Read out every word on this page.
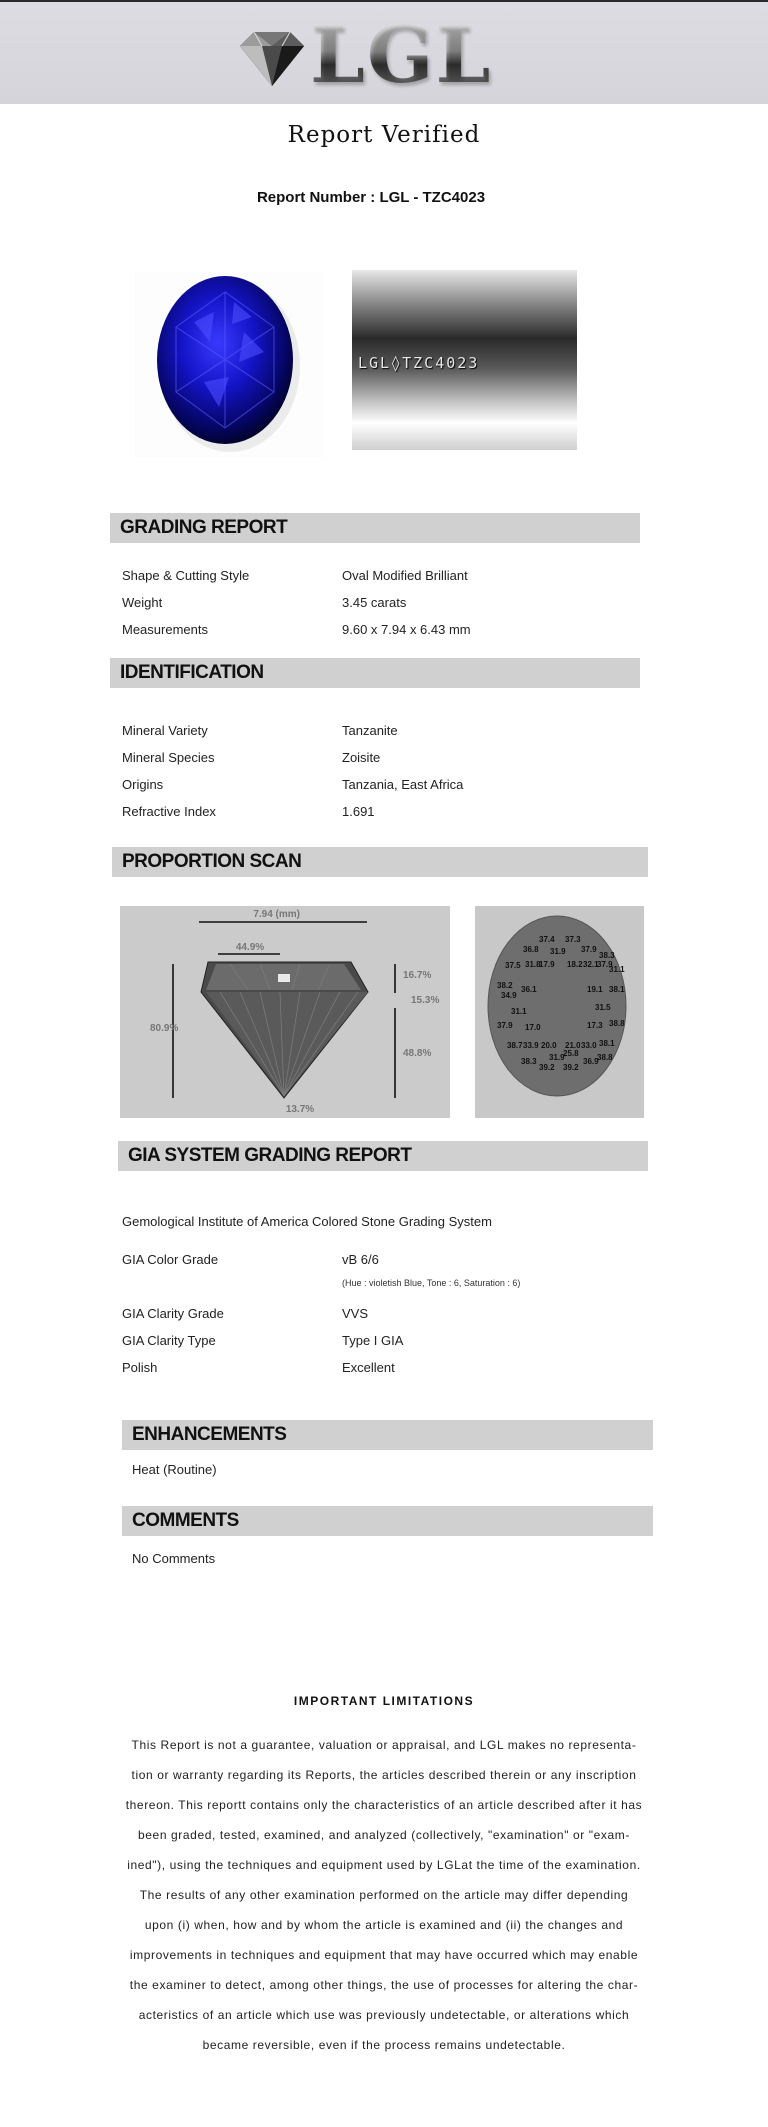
LGL
Report Verified
Report Number : LGL - TZC4023
LGL◊TZC4023
GRADING REPORT
Shape & Cutting Style	Oval Modified Brilliant
Weight	3.45 carats
Measurements	9.60 x 7.94 x 6.43 mm
IDENTIFICATION
Mineral Variety	Tanzanite
Mineral Species	Zoisite
Origins	Tanzania, East Africa
Refractive Index	1.691
PROPORTION SCAN
7.94 (mm)
44.9%
80.9%
16.7%
15.3%
48.8%
13.7%
37.4 37.3
36.8 31.9 37.9
38.3
37.5 31.8
17.9 18.2 32.1
37.9
31.1
38.2 36.1
34.9
19.1 38.1
31.1	31.5
37.9 17.0	17.3 38.8
38.7 33.9 20.0 21.0 33.0 38.1
31.9
25.8
38.3
39.2 39.2
36.9
38.8
GIA SYSTEM GRADING REPORT
Gemological Institute of America Colored Stone Grading System
GIA Color Grade	vB 6/6
(Hue : violetish Blue, Tone : 6, Saturation : 6)
GIA Clarity Grade	VVS
GIA Clarity Type	Type I GIA
Polish	Excellent
ENHANCEMENTS
Heat (Routine)
COMMENTS
No Comments
IMPORTANT LIMITATIONS
This Report is not a guarantee, valuation or appraisal, and LGL makes no representa-
tion or warranty regarding its Reports, the articles described therein or any inscription
thereon. This reportt contains only the characteristics of an article described after it has
been graded, tested, examined, and analyzed (collectively, "examination" or "exam-
ined"), using the techniques and equipment used by LGLat the time of the examination.
The results of any other examination performed on the article may differ depending
upon (i) when, how and by whom the article is examined and (ii) the changes and
improvements in techniques and equipment that may have occurred which may enable
the examiner to detect, among other things, the use of processes for altering the char-
acteristics of an article which use was previously undetectable, or alterations which
became reversible, even if the process remains undetectable.
